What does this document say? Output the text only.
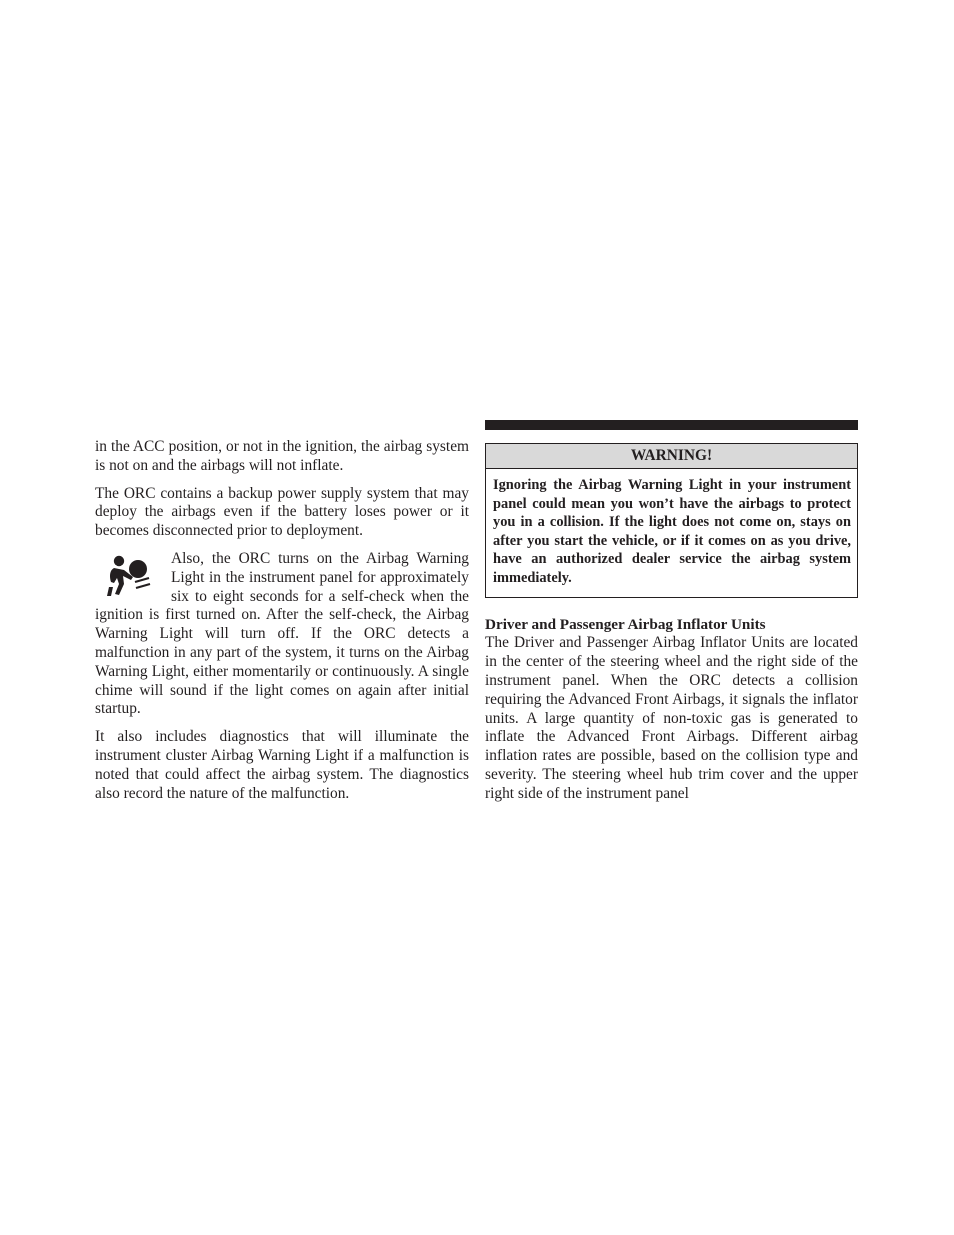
in the ACC position, or not in the ignition, the airbag system is not on and the airbags will not inflate.

The ORC contains a backup power supply system that may deploy the airbags even if the battery loses power or it becomes disconnected prior to deployment.

Also, the ORC turns on the Airbag Warning Light in the instrument panel for approximately six to eight seconds for a self-check when the ignition is first turned on. After the self-check, the Airbag Warning Light will turn off. If the ORC detects a malfunction in any part of the system, it turns on the Airbag Warning Light, either momentarily or continuously. A single chime will sound if the light comes on again after initial startup.

It also includes diagnostics that will illuminate the instrument cluster Airbag Warning Light if a malfunction is noted that could affect the airbag system. The diagnostics also record the nature of the malfunction.

WARNING!
Ignoring the Airbag Warning Light in your instrument panel could mean you won’t have the airbags to protect you in a collision. If the light does not come on, stays on after you start the vehicle, or if it comes on as you drive, have an authorized dealer service the airbag system immediately.
Driver and Passenger Airbag Inflator Units

The Driver and Passenger Airbag Inflator Units are located in the center of the steering wheel and the right side of the instrument panel. When the ORC detects a collision requiring the Advanced Front Airbags, it signals the inflator units. A large quantity of non-toxic gas is generated to inflate the Advanced Front Airbags. Different airbag inflation rates are possible, based on the collision type and severity. The steering wheel hub trim cover and the upper right side of the instrument panel
